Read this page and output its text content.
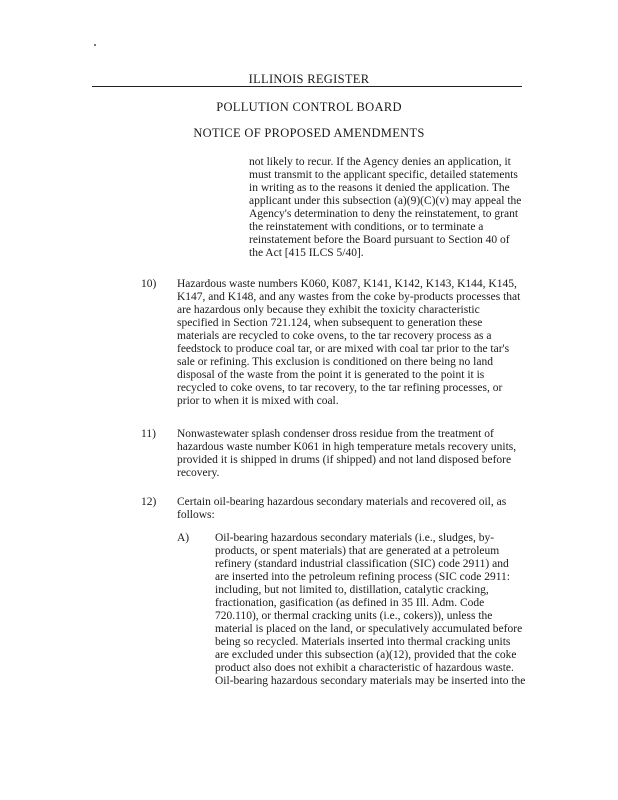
ILLINOIS REGISTER
POLLUTION CONTROL BOARD
NOTICE OF PROPOSED AMENDMENTS
not likely to recur. If the Agency denies an application, it
must transmit to the applicant specific, detailed statements
in writing as to the reasons it denied the application. The
applicant under this subsection (a)(9)(C)(v) may appeal the
Agency's determination to deny the reinstatement, to grant
the reinstatement with conditions, or to terminate a
reinstatement before the Board pursuant to Section 40 of
the Act [415 ILCS 5/40].
10) Hazardous waste numbers K060, K087, K141, K142, K143, K144, K145,
K147, and K148, and any wastes from the coke by-products processes that
are hazardous only because they exhibit the toxicity characteristic
specified in Section 721.124, when subsequent to generation these
materials are recycled to coke ovens, to the tar recovery process as a
feedstock to produce coal tar, or are mixed with coal tar prior to the tar's
sale or refining. This exclusion is conditioned on there being no land
disposal of the waste from the point it is generated to the point it is
recycled to coke ovens, to tar recovery, to the tar refining processes, or
prior to when it is mixed with coal.
11) Nonwastewater splash condenser dross residue from the treatment of
hazardous waste number K061 in high temperature metals recovery units,
provided it is shipped in drums (if shipped) and not land disposed before
recovery.
12) Certain oil-bearing hazardous secondary materials and recovered oil, as
follows:
A) Oil-bearing hazardous secondary materials (i.e., sludges, by-
products, or spent materials) that are generated at a petroleum
refinery (standard industrial classification (SIC) code 2911) and
are inserted into the petroleum refining process (SIC code 2911:
including, but not limited to, distillation, catalytic cracking,
fractionation, gasification (as defined in 35 Ill. Adm. Code
720.110), or thermal cracking units (i.e., cokers)), unless the
material is placed on the land, or speculatively accumulated before
being so recycled. Materials inserted into thermal cracking units
are excluded under this subsection (a)(12), provided that the coke
product also does not exhibit a characteristic of hazardous waste.
Oil-bearing hazardous secondary materials may be inserted into the
